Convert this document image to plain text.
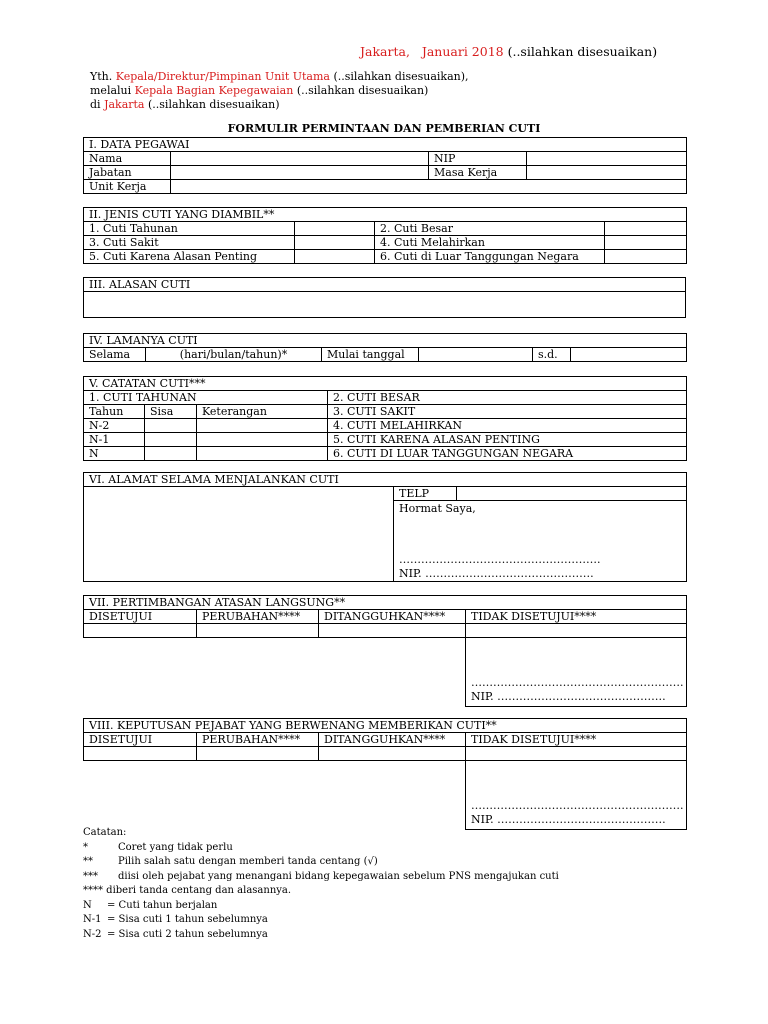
Jakarta, Januari 2018 (..silahkan disesuaikan)
Yth. Kepala/Direktur/Pimpinan Unit Utama (..silahkan disesuaikan),
melalui Kepala Bagian Kepegawaian (..silahkan disesuaikan)
di Jakarta (..silahkan disesuaikan)
FORMULIR PERMINTAAN DAN PEMBERIAN CUTI
I. DATA PEGAWAI			
Nama		NIP	
Jabatan		Masa Kerja	
Unit Kerja			
II. JENIS CUTI YANG DIAMBIL**			
1. Cuti Tahunan		2. Cuti Besar	
3. Cuti Sakit		4. Cuti Melahirkan	
5. Cuti Karena Alasan Penting		6. Cuti di Luar Tanggungan Negara	
III. ALASAN CUTI

IV. LAMANYA CUTI
Selama	(hari/bulan/tahun)*	Mulai tanggal		s.d.	
V. CATATAN CUTI***			
1. CUTI TAHUNAN			2. CUTI BESAR
Tahun	Sisa	Keterangan	3. CUTI SAKIT
N-2			4. CUTI MELAHIRKAN
N-1			5. CUTI KARENA ALASAN PENTING
N			6. CUTI DI LUAR TANGGUNGAN NEGARA
VI. ALAMAT SELAMA MENJALANKAN CUTI
	TELP	

Hormat Saya,
……………………………………………….
NIP. ……………………………………….
VII. PERTIMBANGAN ATASAN LANGSUNG**			
DISETUJUI	PERUBAHAN****	DITANGGUHKAN****	TIDAK DISETUJUI****

			………………………………………………….
NIP. ……………………………………….
VIII. KEPUTUSAN PEJABAT YANG BERWENANG MEMBERIKAN CUTI**			
DISETUJUI	PERUBAHAN****	DITANGGUHKAN****	TIDAK DISETUJUI****

			………………………………………………….
NIP. ……………………………………….
Catatan:
*	Coret yang tidak perlu
**	Pilih salah satu dengan memberi tanda centang (√)
*** diisi oleh pejabat yang menangani bidang kepegawaian sebelum PNS mengajukan cuti
**** diberi tanda centang dan alasannya.
N = Cuti tahun berjalan
N-1 = Sisa cuti 1 tahun sebelumnya
N-2 = Sisa cuti 2 tahun sebelumnya
